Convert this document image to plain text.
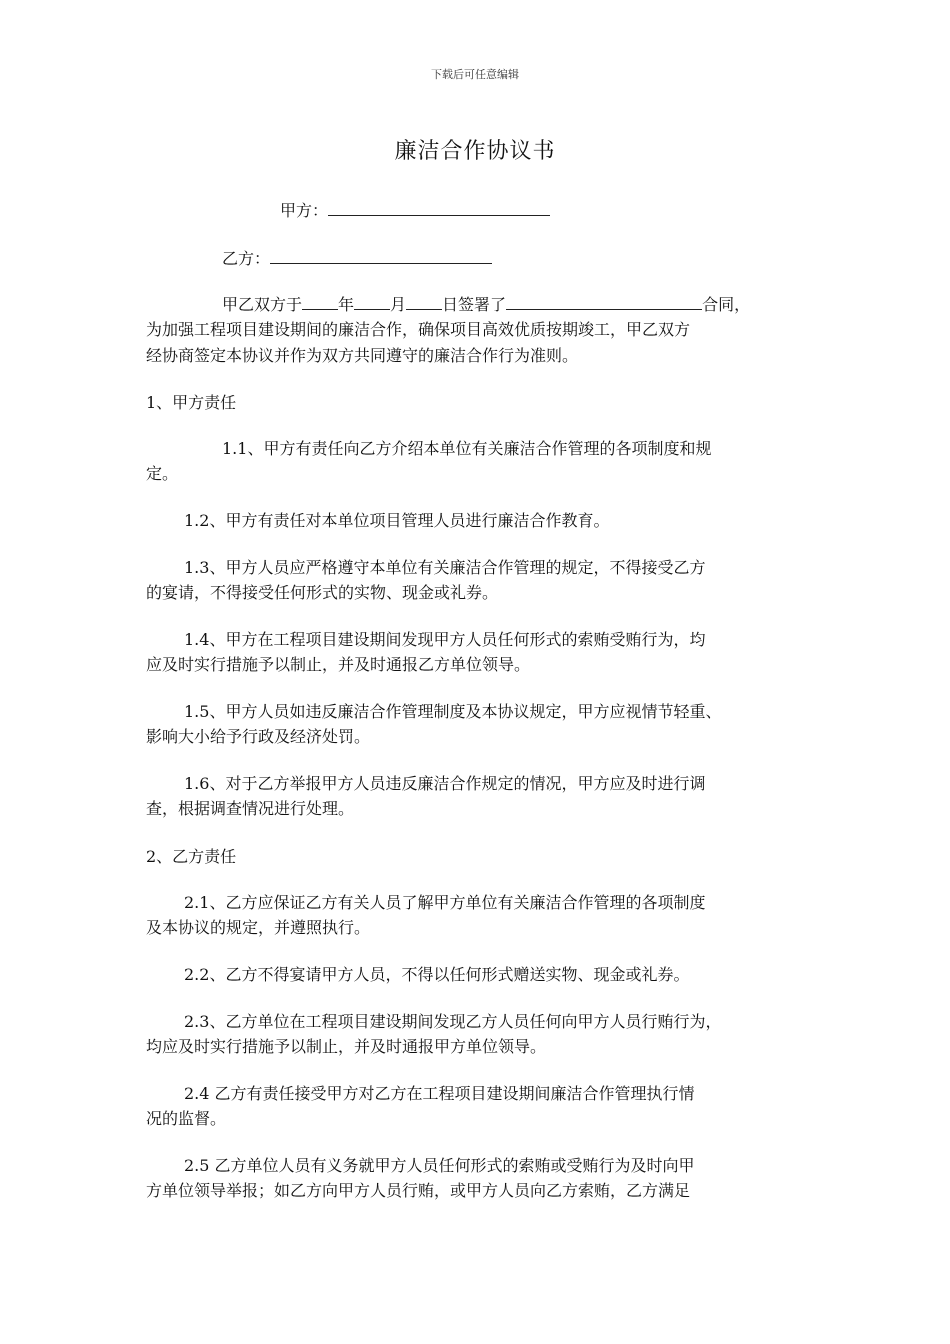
下载后可任意编辑
廉洁合作协议书
甲方：
乙方：
甲乙双方于 年 月 日签署了	合同，
为加强工程项目建设期间的廉洁合作，确保项目高效优质按期竣工，甲乙双方
经协商签定本协议并作为双方共同遵守的廉洁合作行为准则。
1、甲方责任
1.1、甲方有责任向乙方介绍本单位有关廉洁合作管理的各项制度和规
定。
1.2、甲方有责任对本单位项目管理人员进行廉洁合作教育。
1.3、甲方人员应严格遵守本单位有关廉洁合作管理的规定，不得接受乙方
的宴请，不得接受任何形式的实物、现金或礼券。
1.4、甲方在工程项目建设期间发现甲方人员任何形式的索贿受贿行为，均
应及时实行措施予以制止，并及时通报乙方单位领导。
1.5、甲方人员如违反廉洁合作管理制度及本协议规定，甲方应视情节轻重、
影响大小给予行政及经济处罚。
1.6、对于乙方举报甲方人员违反廉洁合作规定的情况，甲方应及时进行调
查，根据调查情况进行处理。
2、乙方责任
2.1、乙方应保证乙方有关人员了解甲方单位有关廉洁合作管理的各项制度
及本协议的规定，并遵照执行。
2.2、乙方不得宴请甲方人员，不得以任何形式赠送实物、现金或礼券。
2.3、乙方单位在工程项目建设期间发现乙方人员任何向甲方人员行贿行为，
均应及时实行措施予以制止，并及时通报甲方单位领导。
2.4 乙方有责任接受甲方对乙方在工程项目建设期间廉洁合作管理执行情
况的监督。
2.5 乙方单位人员有义务就甲方人员任何形式的索贿或受贿行为及时向甲
方单位领导举报；如乙方向甲方人员行贿，或甲方人员向乙方索贿，乙方满足
